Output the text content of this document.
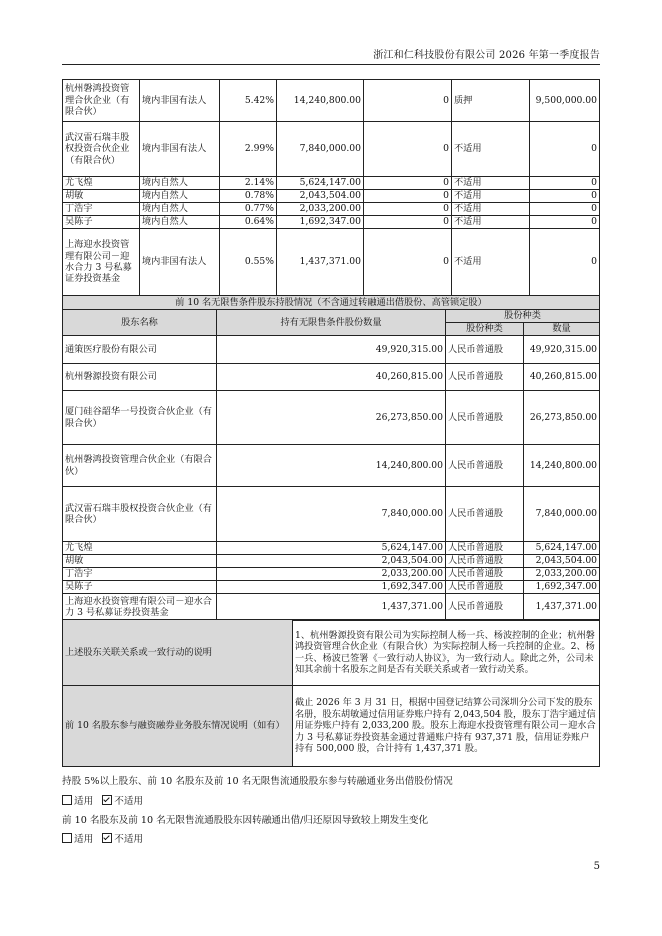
浙江和仁科技股份有限公司 2026 年第一季度报告
杭州磐鸿投资管理合伙企业（有限合伙）	境内非国有法人	5.42%	14,240,800.00	0	质押	9,500,000.00
武汉雷石瑞丰股权投资合伙企业（有限合伙）	境内非国有法人	2.99%	7,840,000.00	0	不适用	0
尤飞煌	境内自然人	2.14%	5,624,147.00	0	不适用	0
胡敏	境内自然人	0.78%	2,043,504.00	0	不适用	0
丁浩宇	境内自然人	0.77%	2,033,200.00	0	不适用	0
吴陈子	境内自然人	0.64%	1,692,347.00	0	不适用	0
上海迎水投资管理有限公司－迎水合力 3 号私募证券投资基金	境内非国有法人	0.55%	1,437,371.00	0	不适用	0
前 10 名无限售条件股东持股情况（不含通过转融通出借股份、高管锁定股）			
股东名称	持有无限售条件股份数量	股份种类	
		股份种类	数量
通策医疗股份有限公司	49,920,315.00	人民币普通股	49,920,315.00
杭州磐源投资有限公司	40,260,815.00	人民币普通股	40,260,815.00
厦门硅谷韶华一号投资合伙企业（有限合伙）	26,273,850.00	人民币普通股	26,273,850.00
杭州磐鸿投资管理合伙企业（有限合伙）	14,240,800.00	人民币普通股	14,240,800.00
武汉雷石瑞丰股权投资合伙企业（有限合伙）	7,840,000.00	人民币普通股	7,840,000.00
尤飞煌	5,624,147.00	人民币普通股	5,624,147.00
胡敏	2,043,504.00	人民币普通股	2,043,504.00
丁浩宇	2,033,200.00	人民币普通股	2,033,200.00
吴陈子	1,692,347.00	人民币普通股	1,692,347.00
上海迎水投资管理有限公司－迎水合力 3 号私募证券投资基金	1,437,371.00	人民币普通股	1,437,371.00
上述股东关联关系或一致行动的说明	1、杭州磐源投资有限公司为实际控制人杨一兵、杨波控制的企业；杭州磐鸿投资管理合伙企业（有限合伙）为实际控制人杨一兵控制的企业。2、杨一兵、杨波已签署《一致行动人协议》，为一致行动人。除此之外，公司未知其余前十名股东之间是否有关联关系或者一致行动关系。
前 10 名股东参与融资融券业务股东情况说明（如有）	截止 2026 年 3 月 31 日，根据中国登记结算公司深圳分公司下发的股东名册，股东胡敏通过信用证券账户持有 2,043,504 股，股东丁浩宇通过信用证券账户持有 2,033,200 股。股东上海迎水投资管理有限公司－迎水合力 3 号私募证券投资基金通过普通账户持有 937,371 股，信用证券账户持有 500,000 股，合计持有 1,437,371 股。
持股 5%以上股东、前 10 名股东及前 10 名无限售流通股股东参与转融通业务出借股份情况
适用 不适用
前 10 名股东及前 10 名无限售流通股股东因转融通出借/归还原因导致较上期发生变化
适用 不适用
5
